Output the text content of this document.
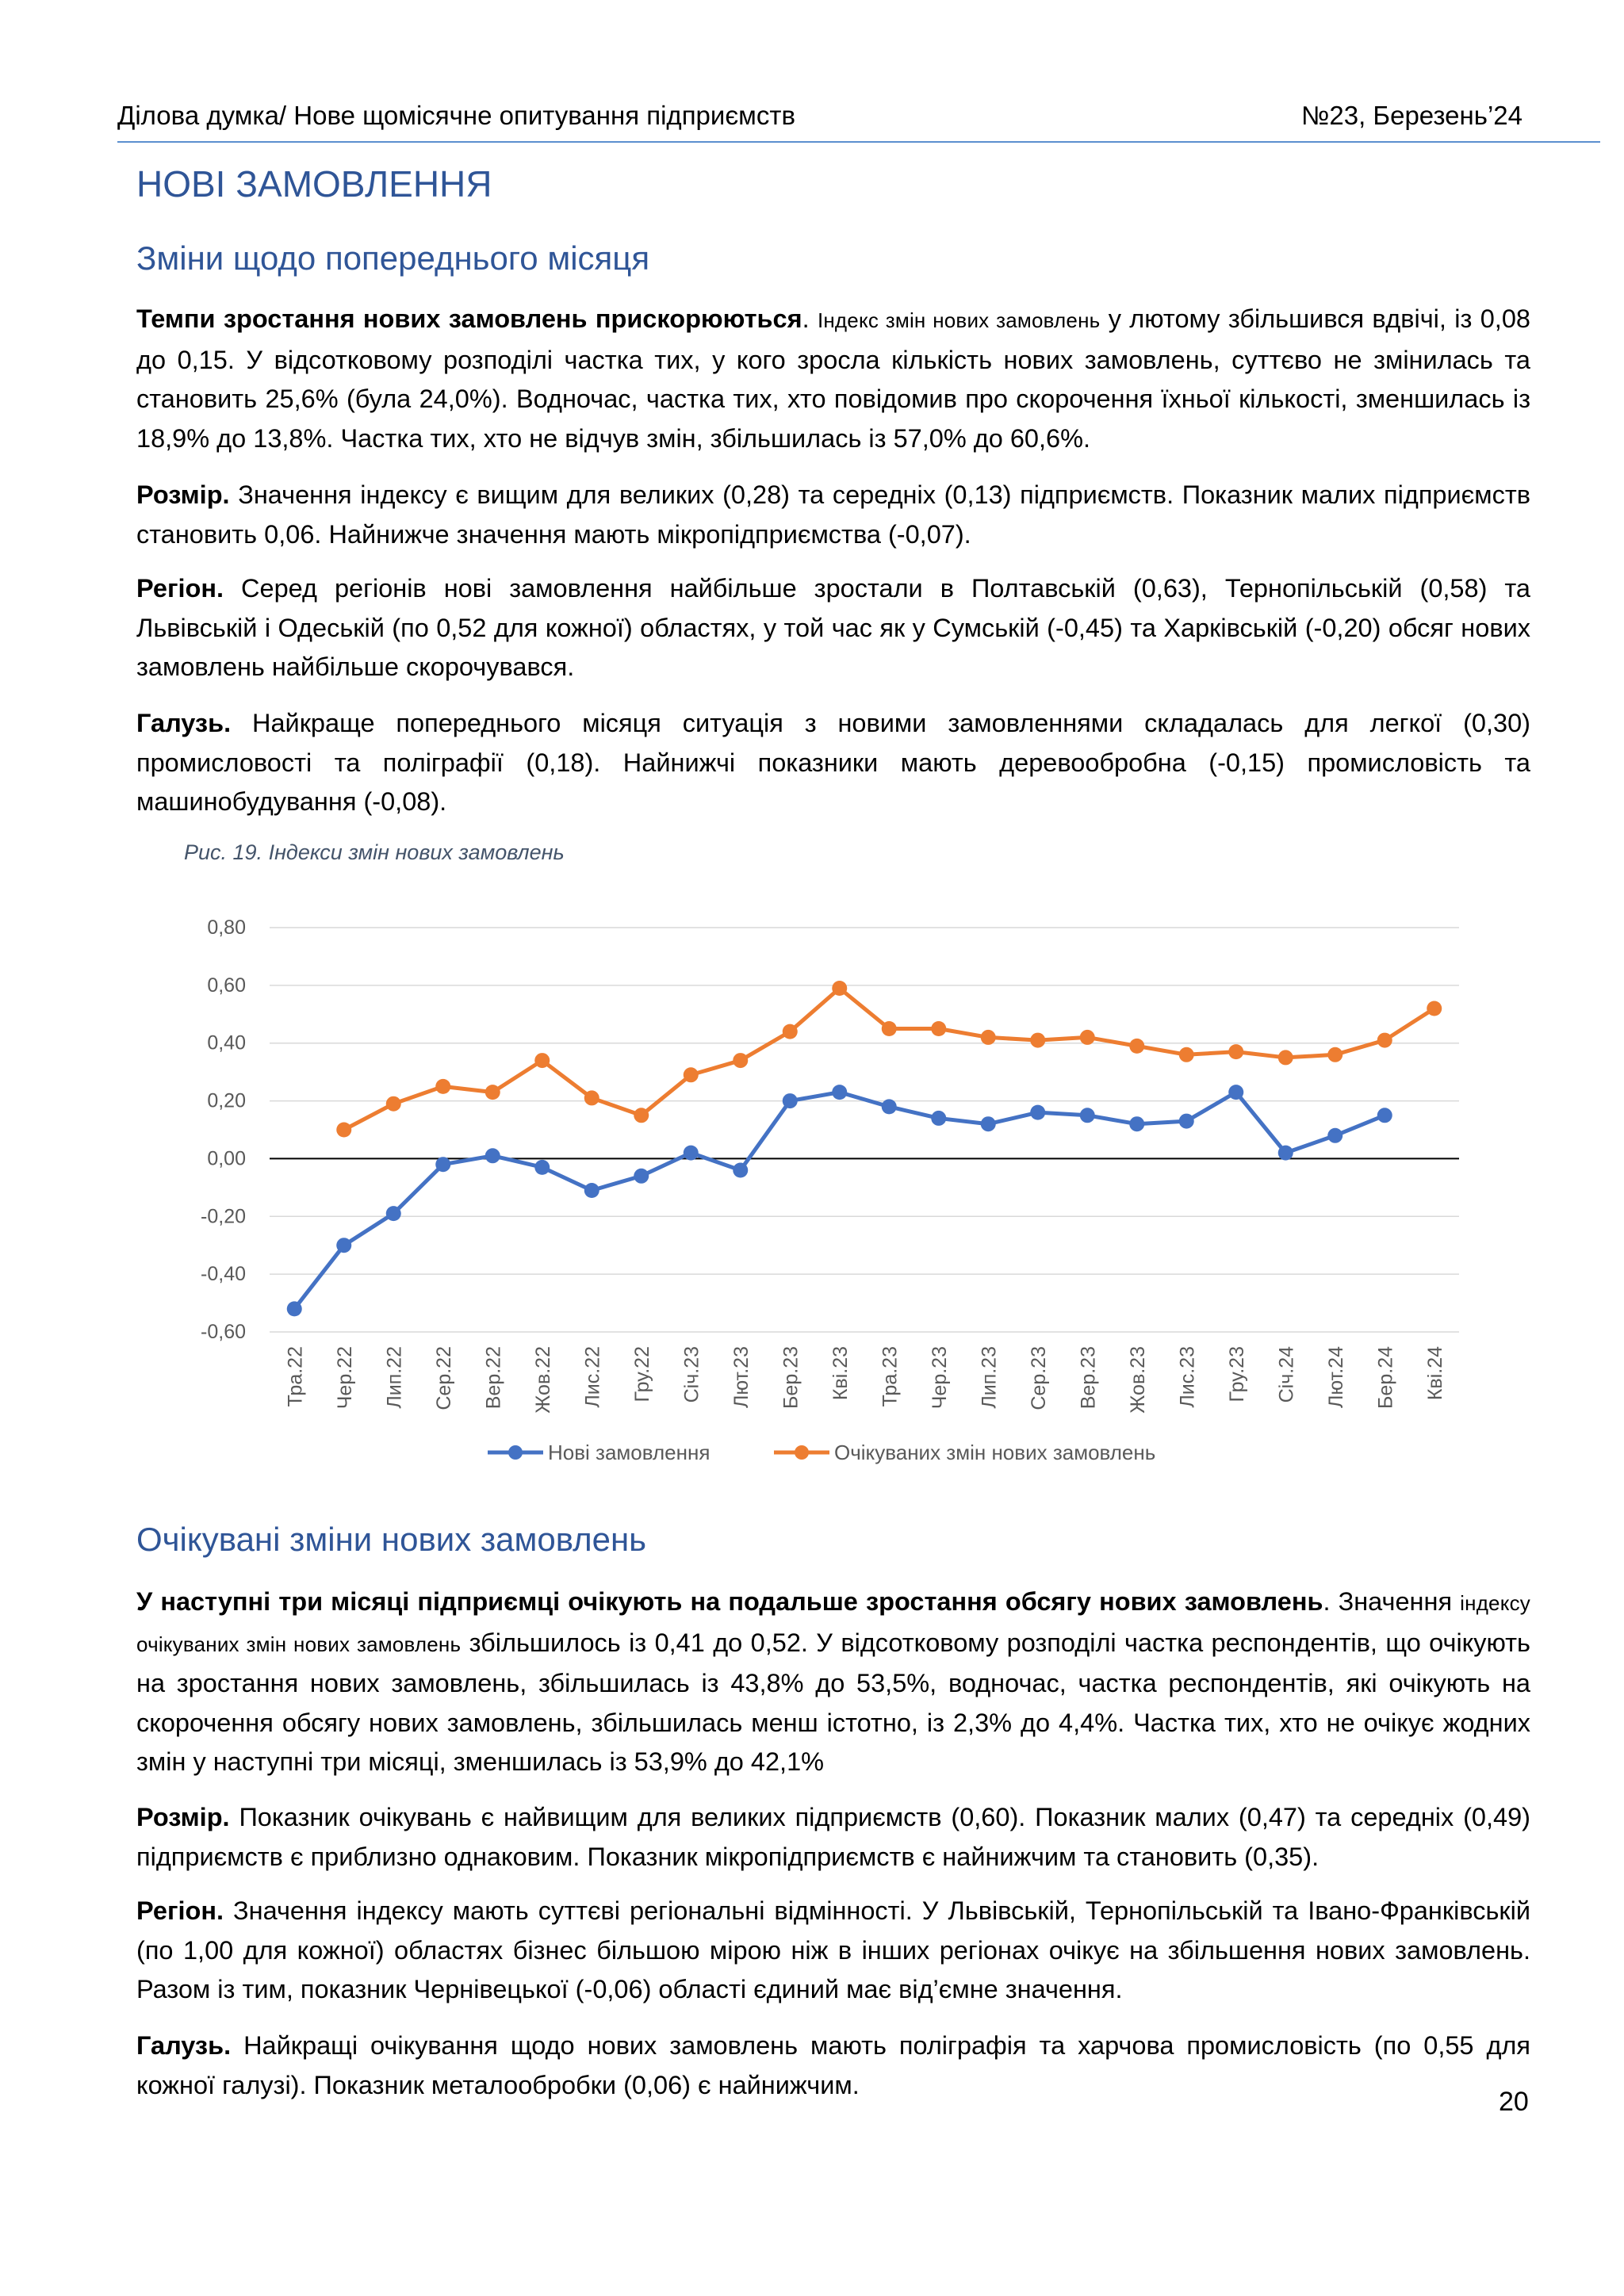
Ділова думка/ Нове щомісячне опитування підприємств	№23, Березень’24
НОВІ ЗАМОВЛЕННЯ
Зміни щодо попереднього місяця

Темпи зростання нових замовлень прискорюються. Індекс змін нових замовлень у лютому збільшився вдвічі, із 0,08 до 0,15. У відсотковому розподілі частка тих, у кого зросла кількість нових замовлень, суттєво не змінилась та становить 25,6% (була 24,0%). Водночас, частка тих, хто повідомив про скорочення їхньої кількості, зменшилась із 18,9% до 13,8%. Частка тих, хто не відчув змін, збільшилась із 57,0% до 60,6%.

Розмір. Значення індексу є вищим для великих (0,28) та середніх (0,13) підприємств. Показник малих підприємств становить 0,06. Найнижче значення мають мікропідприємства (-0,07).

Регіон. Серед регіонів нові замовлення найбільше зростали в Полтавській (0,63), Тернопільській (0,58) та Львівській і Одеській (по 0,52 для кожної) областях, у той час як у Сумській (-0,45) та Харківській (-0,20) обсяг нових замовлень найбільше скорочувався.

Галузь. Найкраще попереднього місяця ситуація з новими замовленнями складалась для легкої (0,30) промисловості та поліграфії (0,18). Найнижчі показники мають деревообробна (-0,15) промисловість та машинобудування (-0,08).

Рис. 19. Індекси змін нових замовлень
0,80
0,60
0,40
0,20
0,00
-0,20
-0,40
-0,60
Тра.22 Чер.22 Лип.22 Сер.22 Вер.22 Жов.22 Лис.22 Гру.22 Січ.23 Лют.23 Бер.23 Кві.23 Тра.23 Чер.23 Лип.23 Сер.23 Вер.23 Жов.23 Лис.23 Гру.23 Січ.24 Лют.24 Бер.24 Кві.24
Нові замовлення	Очікуваних змін нових замовлень
Очікувані зміни нових замовлень

У наступні три місяці підприємці очікують на подальше зростання обсягу нових замовлень. Значення індексу очікуваних змін нових замовлень збільшилось із 0,41 до 0,52. У відсотковому розподілі частка респондентів, що очікують на зростання нових замовлень, збільшилась із 43,8% до 53,5%, водночас, частка респондентів, які очікують на скорочення обсягу нових замовлень, збільшилась менш істотно, із 2,3% до 4,4%. Частка тих, хто не очікує жодних змін у наступні три місяці, зменшилась із 53,9% до 42,1%

Розмір. Показник очікувань є найвищим для великих підприємств (0,60). Показник малих (0,47) та середніх (0,49) підприємств є приблизно однаковим. Показник мікропідприємств є найнижчим та становить (0,35).

Регіон. Значення індексу мають суттєві регіональні відмінності. У Львівській, Тернопільській та Івано-Франківській (по 1,00 для кожної) областях бізнес більшою мірою ніж в інших регіонах очікує на збільшення нових замовлень. Разом із тим, показник Чернівецької (-0,06) області єдиний має від’ємне значення.

Галузь. Найкращі очікування щодо нових замовлень мають поліграфія та харчова промисловість (по 0,55 для кожної галузі). Показник металообробки (0,06) є найнижчим.

20
